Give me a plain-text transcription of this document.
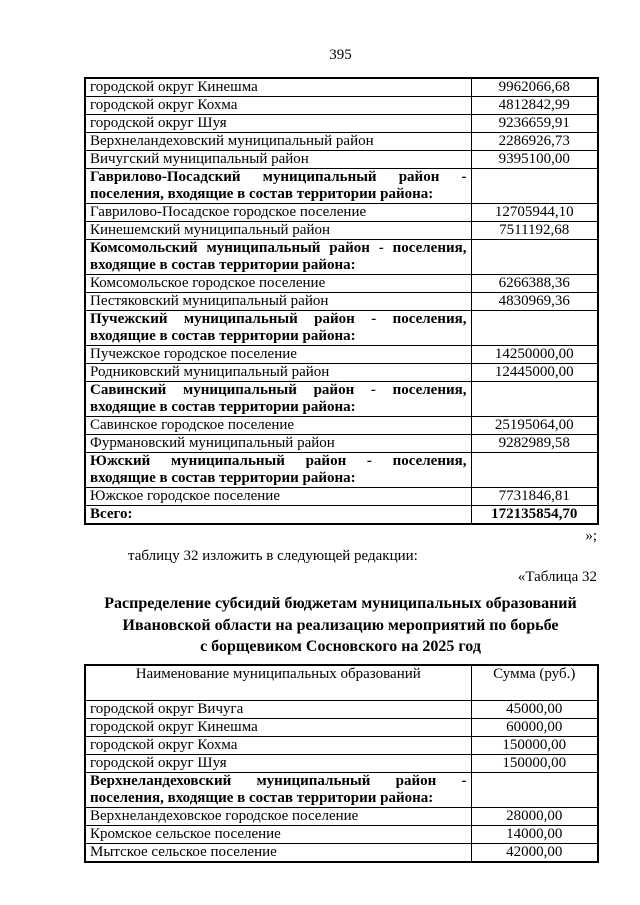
395
городской округ Кинешма	9962066,68
городской округ Кохма	4812842,99
городской округ Шуя	9236659,91
Верхнеландеховский муниципальный район	2286926,73
Вичугский муниципальный район	9395100,00

Гаврилово-Посадский муниципальный район -
поселения, входящие в состав территории района:	

Гаврилово-Посадское городское поселение	12705944,10
Кинешемский муниципальный район	7511192,68

Комсомольский муниципальный район - поселения,
входящие в состав территории района:

Комсомольское городское поселение	6266388,36
Пестяковский муниципальный район	4830969,36

Пучежский муниципальный район - поселения,
входящие в состав территории района:

Пучежское городское поселение	14250000,00
Родниковский муниципальный район	12445000,00

Савинский муниципальный район - поселения,
входящие в состав территории района:

Савинское городское поселение	25195064,00
Фурмановский муниципальный район	9282989,58

Южский муниципальный район - поселения,
входящие в состав территории района:

Южское городское поселение	7731846,81
Всего:	172135854,70
»;
таблицу 32 изложить в следующей редакции:
«Таблица 32
Распределение субсидий бюджетам муниципальных образований
Ивановской области на реализацию мероприятий по борьбе
с борщевиком Сосновского на 2025 год
Наименование муниципальных образований	Сумма (руб.)
городской округ Вичуга	45000,00
городской округ Кинешма	60000,00
городской округ Кохма	150000,00
городской округ Шуя	150000,00

Верхнеландеховский муниципальный район -
поселения, входящие в состав территории района:	

Верхнеландеховское городское поселение	28000,00
Кромское сельское поселение	14000,00
Мытское сельское поселение	42000,00
